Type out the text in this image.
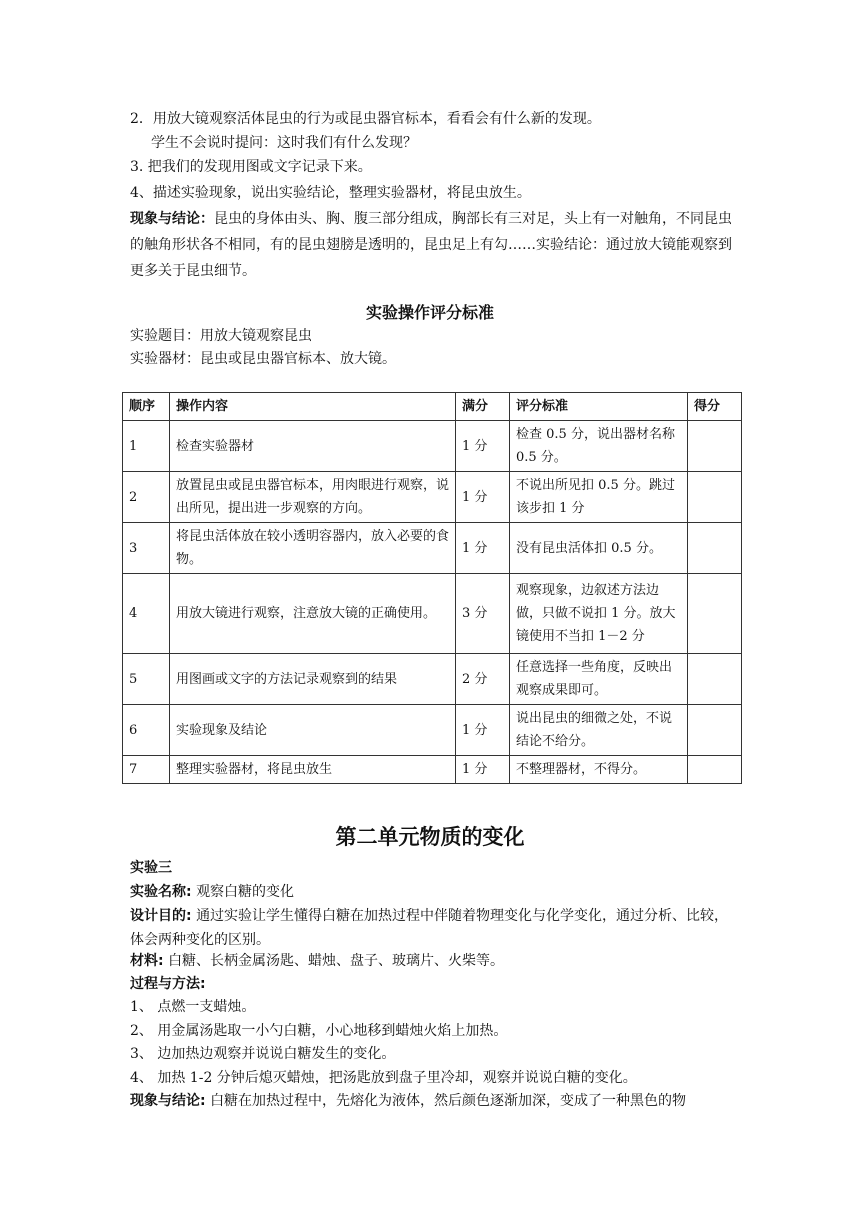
2．用放大镜观察活体昆虫的行为或昆虫器官标本，看看会有什么新的发现。
学生不会说时提问：这时我们有什么发现？
3. 把我们的发现用图或文字记录下来。
4、描述实验现象，说出实验结论，整理实验器材，将昆虫放生。
现象与结论：昆虫的身体由头、胸、腹三部分组成，胸部长有三对足，头上有一对触角，不同昆虫的触角形状各不相同，有的昆虫翅膀是透明的，昆虫足上有勾……实验结论：通过放大镜能观察到更多关于昆虫细节。
实验操作评分标准
实验题目：用放大镜观察昆虫
实验器材：昆虫或昆虫器官标本、放大镜。
顺序	操作内容	满分	评分标准	得分
1	检查实验器材	1 分	检查 0.5 分，说出器材名称 0.5 分。	
2	放置昆虫或昆虫器官标本，用肉眼进行观察，说出所见，提出进一步观察的方向。	1 分	不说出所见扣 0.5 分。跳过该步扣 1 分	
3	将昆虫活体放在较小透明容器内，放入必要的食物。	1 分	没有昆虫活体扣 0.5 分。	
4	用放大镜进行观察，注意放大镜的正确使用。	3 分	观察现象，边叙述方法边做，只做不说扣 1 分。放大镜使用不当扣 1－2 分	
5	用图画或文字的方法记录观察到的结果	2 分	任意选择一些角度，反映出观察成果即可。	
6	实验现象及结论	1 分	说出昆虫的细微之处，不说结论不给分。	
7	整理实验器材，将昆虫放生	1 分	不整理器材，不得分。	
第二单元物质的变化
实验三
实验名称: 观察白糖的变化
设计目的: 通过实验让学生懂得白糖在加热过程中伴随着物理变化与化学变化，通过分析、比较，体会两种变化的区别。
材料: 白糖、长柄金属汤匙、蜡烛、盘子、玻璃片、火柴等。
过程与方法:
1、 点燃一支蜡烛。
2、 用金属汤匙取一小勺白糖，小心地移到蜡烛火焰上加热。
3、 边加热边观察并说说白糖发生的变化。
4、 加热 1-2 分钟后熄灭蜡烛，把汤匙放到盘子里冷却，观察并说说白糖的变化。
现象与结论: 白糖在加热过程中，先熔化为液体，然后颜色逐渐加深，变成了一种黑色的物
